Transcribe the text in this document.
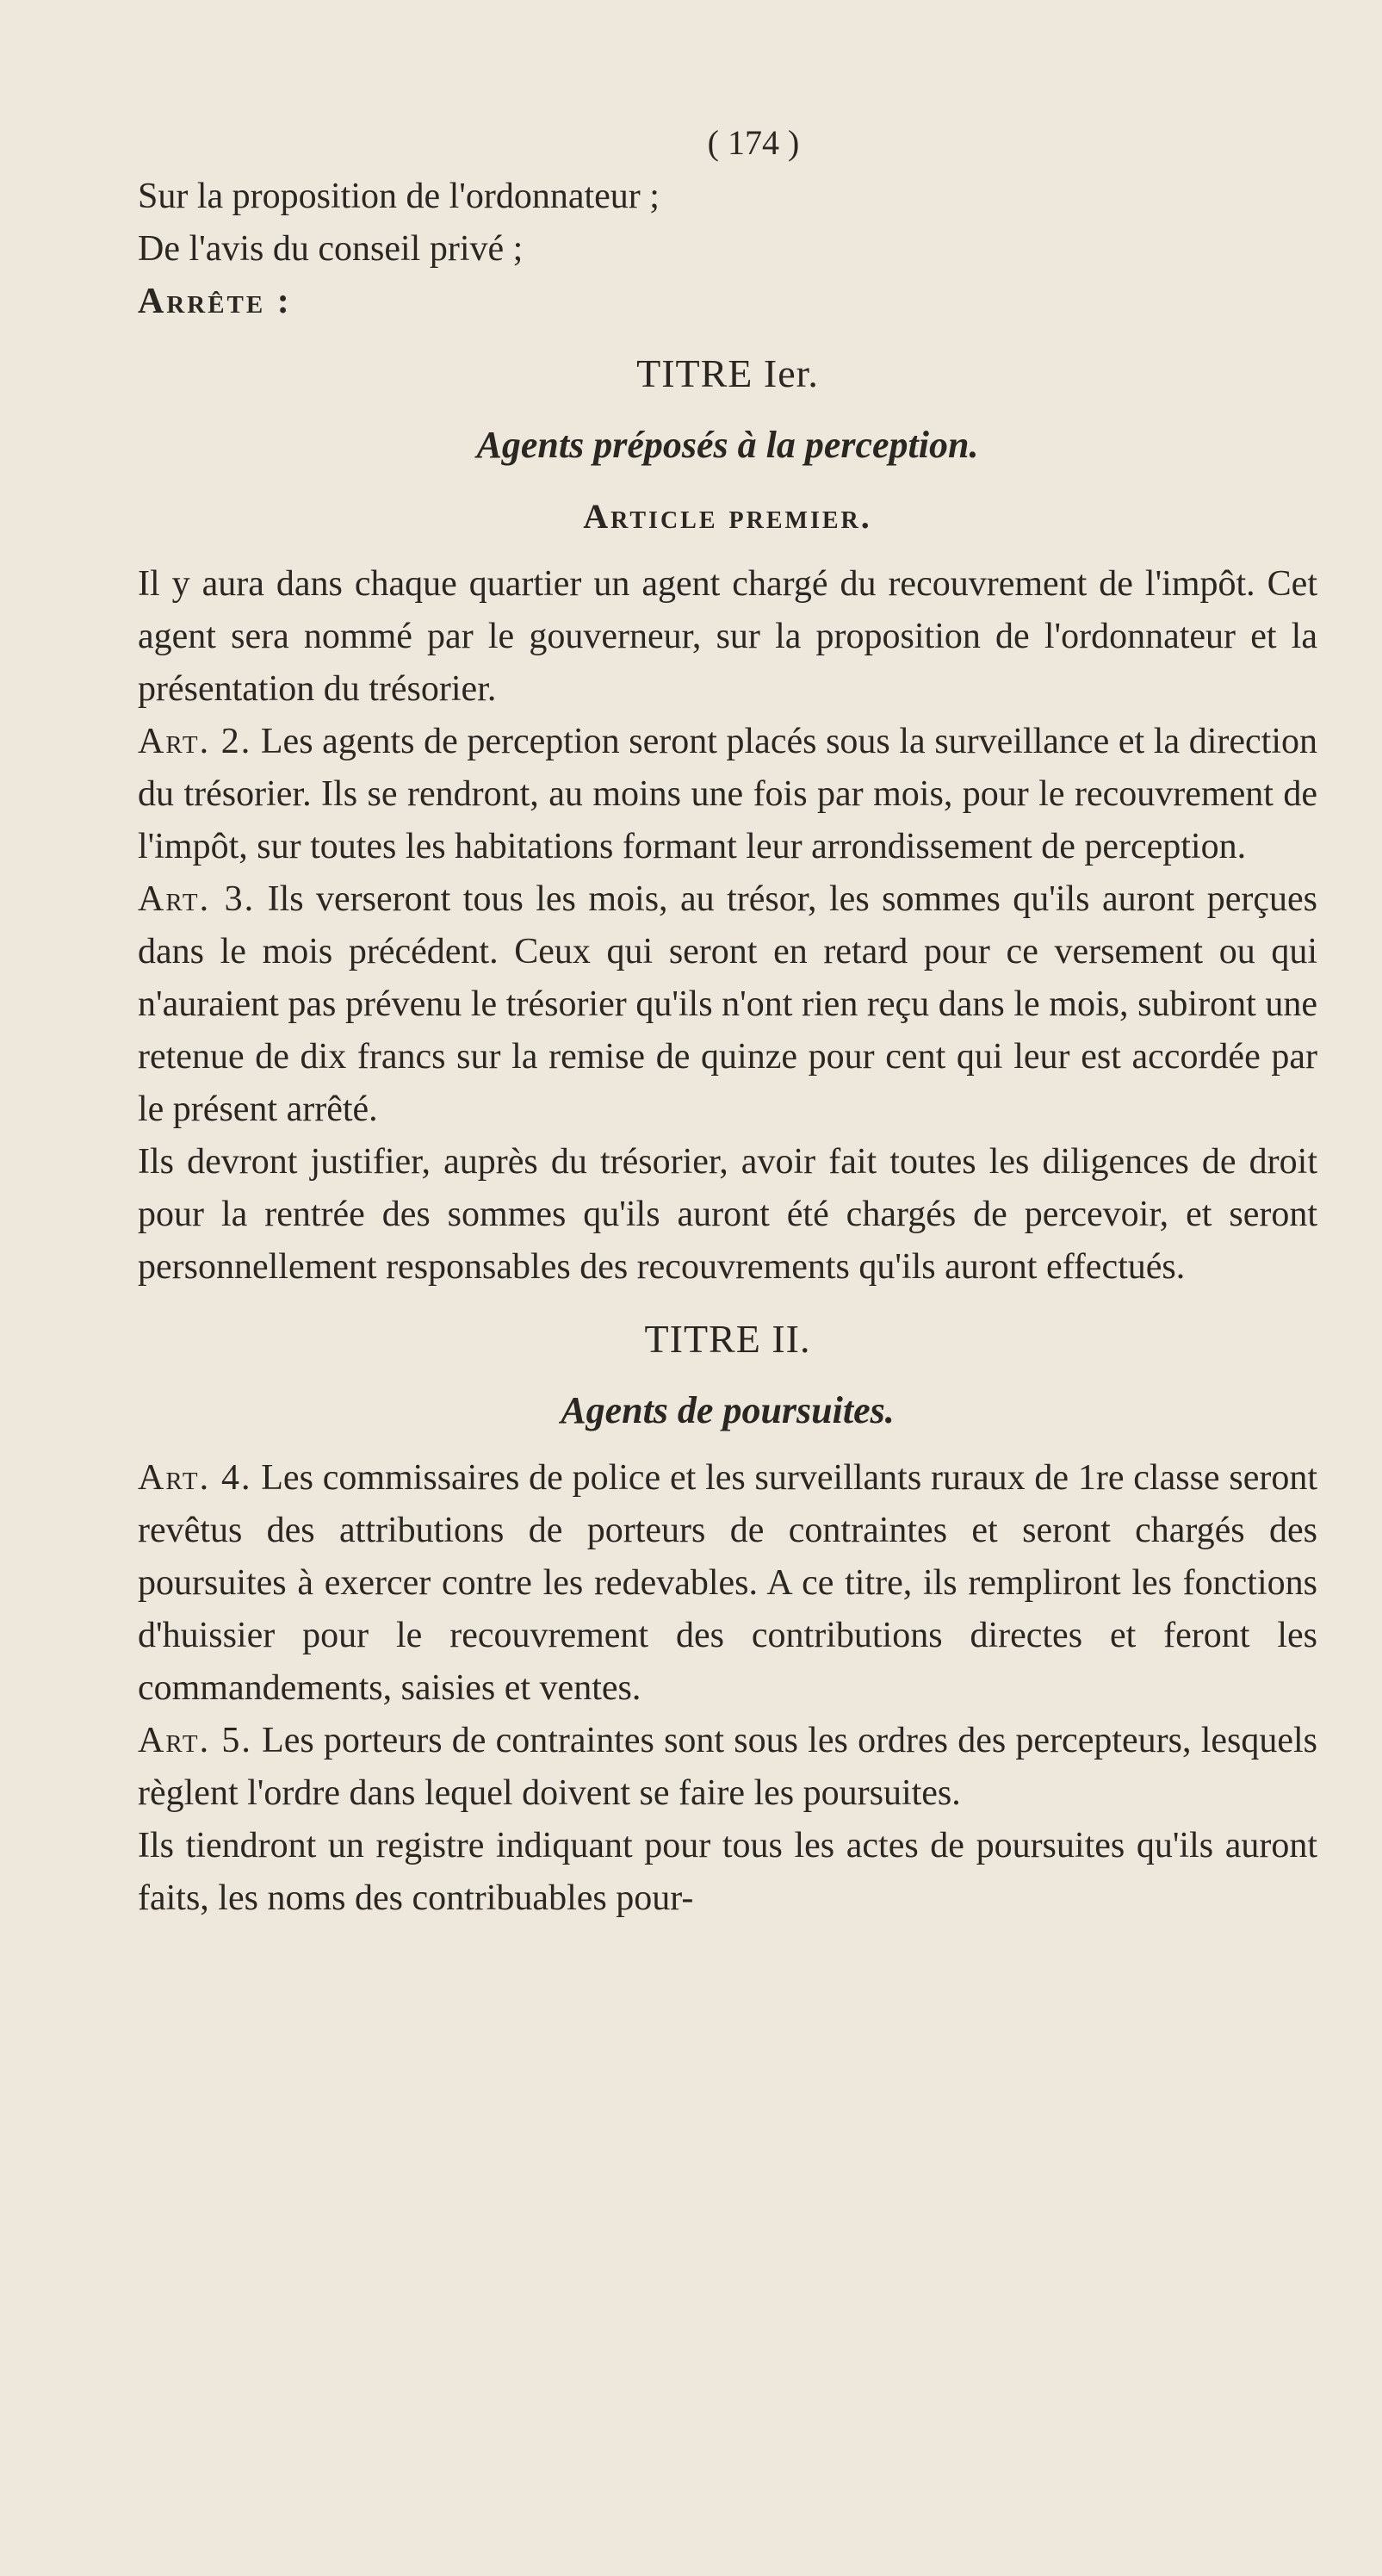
( 174 )

Sur la proposition de l'ordonnateur ;

De l'avis du conseil privé ;

Arrête :

TITRE Ier.
Agents préposés à la perception.
Article premier.

Il y aura dans chaque quartier un agent chargé du recouvrement de l'impôt. Cet agent sera nommé par le gouverneur, sur la proposition de l'ordonnateur et la présentation du trésorier.

Art. 2. Les agents de perception seront placés sous la surveillance et la direction du trésorier. Ils se rendront, au moins une fois par mois, pour le recouvrement de l'impôt, sur toutes les habitations formant leur arrondissement de perception.

Art. 3. Ils verseront tous les mois, au trésor, les sommes qu'ils auront perçues dans le mois précédent. Ceux qui seront en retard pour ce versement ou qui n'auraient pas prévenu le trésorier qu'ils n'ont rien reçu dans le mois, subiront une retenue de dix francs sur la remise de quinze pour cent qui leur est accordée par le présent arrêté.

Ils devront justifier, auprès du trésorier, avoir fait toutes les diligences de droit pour la rentrée des sommes qu'ils auront été chargés de percevoir, et seront personnellement responsables des recouvrements qu'ils auront effectués.

TITRE II.
Agents de poursuites.

Art. 4. Les commissaires de police et les surveillants ruraux de 1re classe seront revêtus des attributions de porteurs de contraintes et seront chargés des poursuites à exercer contre les redevables. A ce titre, ils rempliront les fonctions d'huissier pour le recouvrement des contributions directes et feront les commandements, saisies et ventes.

Art. 5. Les porteurs de contraintes sont sous les ordres des percepteurs, lesquels règlent l'ordre dans lequel doivent se faire les poursuites.

Ils tiendront un registre indiquant pour tous les actes de poursuites qu'ils auront faits, les noms des contribuables pour-
